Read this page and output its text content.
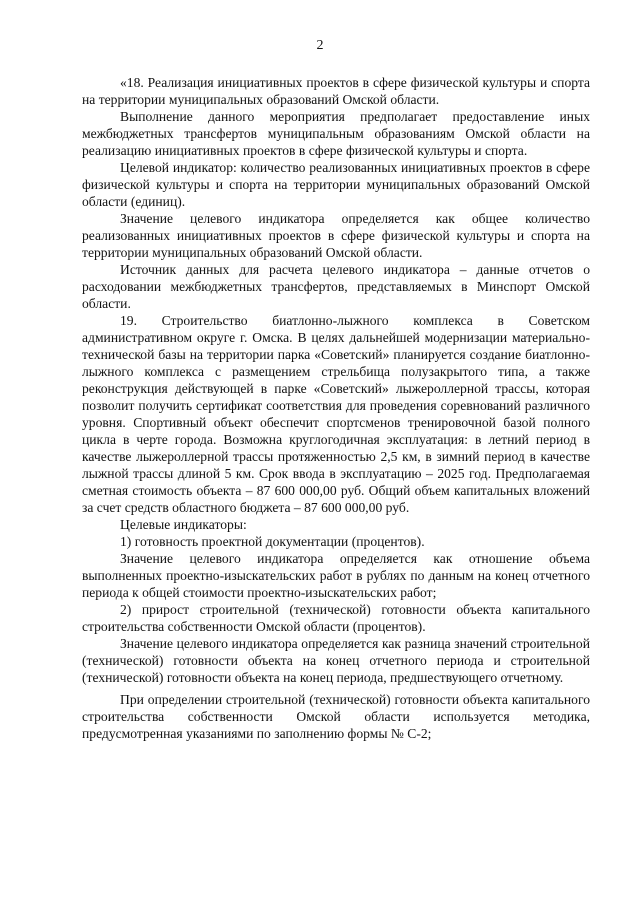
2

«18. Реализация инициативных проектов в сфере физической культуры и спорта на территории муниципальных образований Омской области.

Выполнение данного мероприятия предполагает предоставление иных межбюджетных трансфертов муниципальным образованиям Омской области на реализацию инициативных проектов в сфере физической культуры и спорта.

Целевой индикатор: количество реализованных инициативных проектов в сфере физической культуры и спорта на территории муниципальных образований Омской области (единиц).

Значение целевого индикатора определяется как общее количество реализованных инициативных проектов в сфере физической культуры и спорта на территории муниципальных образований Омской области.

Источник данных для расчета целевого индикатора – данные отчетов о расходовании межбюджетных трансфертов, представляемых в Минспорт Омской области.

19. Строительство биатлонно-лыжного комплекса в Советском административном округе г. Омска. В целях дальнейшей модернизации материально-технической базы на территории парка «Советский» планируется создание биатлонно-лыжного комплекса с размещением стрельбища полузакрытого типа, а также реконструкция действующей в парке «Советский» лыжероллерной трассы, которая позволит получить сертификат соответствия для проведения соревнований различного уровня. Спортивный объект обеспечит спортсменов тренировочной базой полного цикла в черте города. Возможна круглогодичная эксплуатация: в летний период в качестве лыжероллерной трассы протяженностью 2,5 км, в зимний период в качестве лыжной трассы длиной 5 км. Срок ввода в эксплуатацию – 2025 год. Предполагаемая сметная стоимость объекта – 87 600 000,00 руб. Общий объем капитальных вложений за счет средств областного бюджета – 87 600 000,00 руб.

Целевые индикаторы:

1) готовность проектной документации (процентов).

Значение целевого индикатора определяется как отношение объема выполненных проектно-изыскательских работ в рублях по данным на конец отчетного периода к общей стоимости проектно-изыскательских работ;

2) прирост строительной (технической) готовности объекта капитального строительства собственности Омской области (процентов).

Значение целевого индикатора определяется как разница значений строительной (технической) готовности объекта на конец отчетного периода и строительной (технической) готовности объекта на конец периода, предшествующего отчетному.

При определении строительной (технической) готовности объекта капитального строительства собственности Омской области используется методика, предусмотренная указаниями по заполнению формы № С-2;
